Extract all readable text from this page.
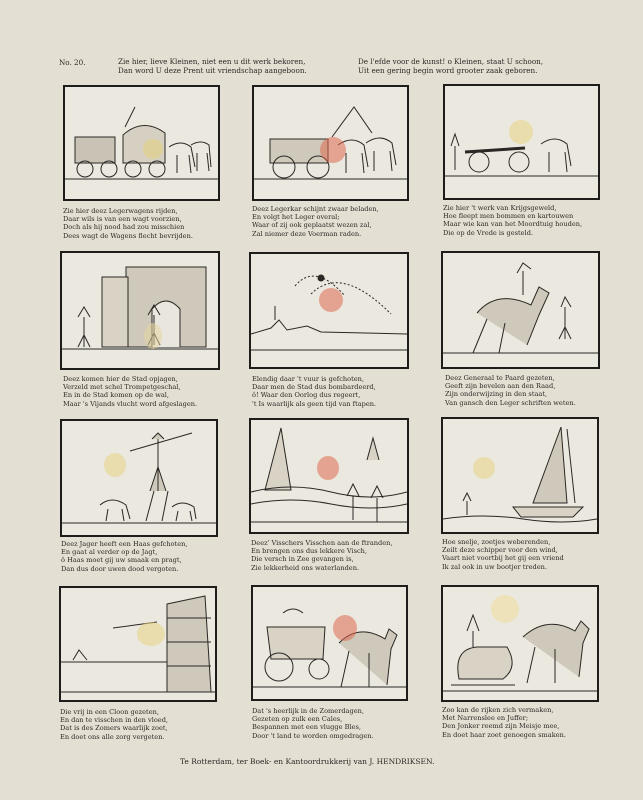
No. 20.	Zie hier, lieve Kleinen, niet een u dit werk bekoren,
Dan word U deze Prent uit vriendschap aangeboon.
De l'efde voor de kunst! o Kleinen, staat U schoon,
Uit een gering begin word grooter zaak geboren.
Zie hier deez Legerwagens rijden,
Daar wils is van een wagt voorzien,
Doch als hij nood had zou misschien
Dees wagt de Wagens flecht bevrijden.
Deez Legerkar schijnt zwaar beladen,
En volgt het Leger overal;
Waar of zij ook geplaatst wezen zal,
Zal niemer deze Voerman raden.
Zie hier 't werk van Krijgsgeweld,
Hoe fleept men bommen en kartouwen
Maar wie kan van het Moordtuig houden,
Die op de Vrede is gesteld.
Deez komen hier de Stad opjagen,
Verzeld met schel Trompetgeschal,
En in de Stad komen op de wal,
Maar 's Vijands vlucht word afgeslagen.
Elendig daar 't vuur is gefchoten,
Daar men de Stad dus bombardeerd,
ô! Waar den Oorlog dus regeert,
't Is waarlijk als geen tijd van ftapen.
Deez Generaal te Paard gezeten,
Geeft zijn bevelen aan den Raad,
Zijn onderwijzing in den staat,
Van gansch den Leger schriften weten.
Deez Jager heeft een Haas gefchoten,
En gaat al verder op de Jagt,
ô Haas moet gij uw smaak en pragt,
Dan dus door uwen dood vergoten.
Deez' Visschers Visschen aan de ftranden,
En brengen ons dus lekkere Visch,
Die versch in Zee gevangen is,
Zie lekkerheid ons waterlanden.
Hoe snelje, zoetjes weberenden,
Zeilt deze schipper voor den wind,
Vaart niet voortbij het gij een vriend
Ik zal ook in uw bootjer treden.
Die vrij in een Cloon gezeten,
En dan te visschen in den vloed,
Dat is des Zomers waarlijk zoet,
En doet ons alle zorg vergeten.
Dat 's heerlijk in de Zomerdagen,
Gezeten op zulk een Cales,
Bespannen met een vlugge Bles,
Door 't land te worden omgedragen.
Zoo kan de rijken zich vermaken,
Met Narrenslee en Juffer;
Den Jonker reemd zijn Meisje mee,
En doet haar zoet genoegen smaken.
Te Rotterdam, ter Boek- en Kantoordrukkerij van J. HENDRIKSEN.
